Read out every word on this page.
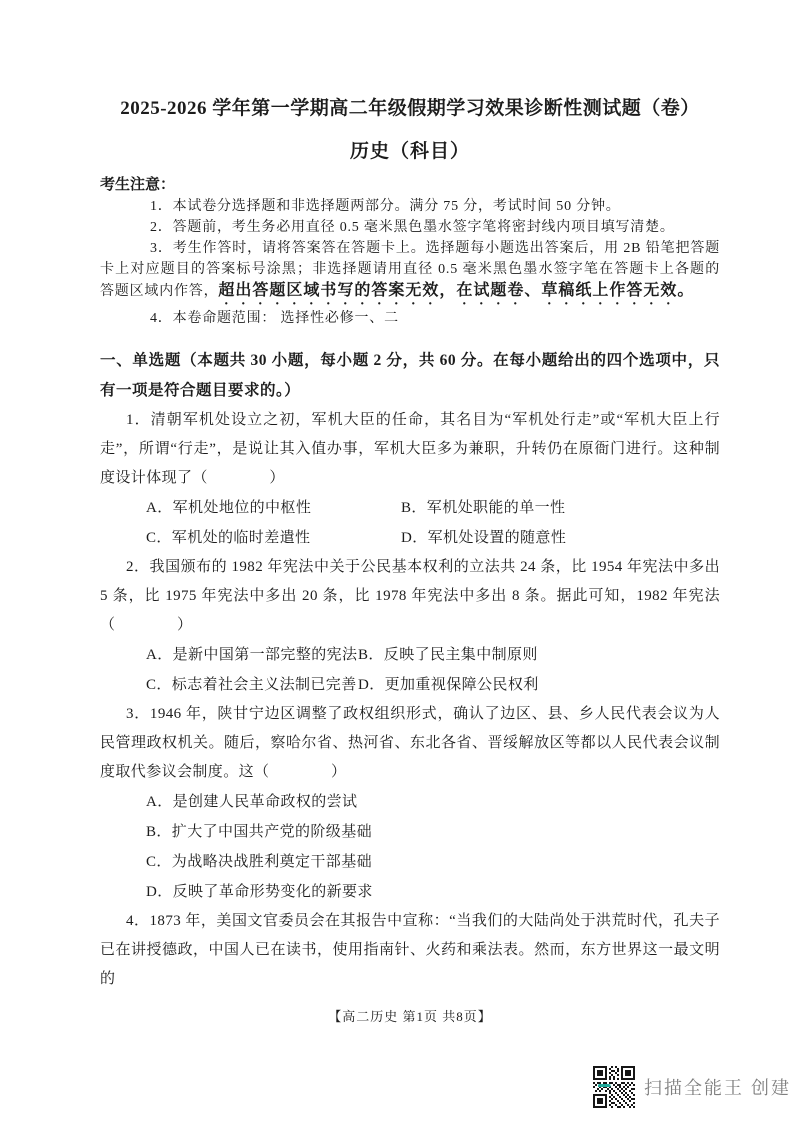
2025-2026 学年第一学期高二年级假期学习效果诊断性测试题（卷）
历史（科目）
考生注意：

1．本试卷分选择题和非选择题两部分。满分 75 分，考试时间 50 分钟。

2．答题前，考生务必用直径 0.5 毫米黑色墨水签字笔将密封线内项目填写清楚。

3．考生作答时，请将答案答在答题卡上。选择题每小题选出答案后，用 2B 铅笔把答题卡上对应题目的答案标号涂黑；非选择题请用直径 0.5 毫米黑色墨水签字笔在答题卡上各题的答题区域内作答，超出答题区域书写的答案无效，在试题卷、草稿纸上作答无效。

4．本卷命题范围： 选择性必修一、二

一、单选题（本题共 30 小题，每小题 2 分，共 60 分。在每小题给出的四个选项中，只有一项是符合题目要求的。）

1．清朝军机处设立之初，军机大臣的任命，其名目为“军机处行走”或“军机大臣上行走”，所谓“行走”，是说让其入值办事，军机大臣多为兼职，升转仍在原衙门进行。这种制度设计体现了（　　　　）

A．军机处地位的中枢性	B．军机处职能的单一性
C．军机处的临时差遣性	D．军机处设置的随意性

2．我国颁布的 1982 年宪法中关于公民基本权利的立法共 24 条，比 1954 年宪法中多出 5 条，比 1975 年宪法中多出 20 条，比 1978 年宪法中多出 8 条。据此可知，1982 年宪法（　　　　）

A．是新中国第一部完整的宪法 B．反映了民主集中制原则
C．标志着社会主义法制已完善 D．更加重视保障公民权利

3．1946 年，陕甘宁边区调整了政权组织形式，确认了边区、县、乡人民代表会议为人民管理政权机关。随后，察哈尔省、热河省、东北各省、晋绥解放区等都以人民代表会议制度取代参议会制度。这（　　　　）

A．是创建人民革命政权的尝试
B．扩大了中国共产党的阶级基础
C．为战略决战胜利奠定干部基础
D．反映了革命形势变化的新要求

4．1873 年，美国文官委员会在其报告中宣称：“当我们的大陆尚处于洪荒时代，孔夫子已在讲授德政，中国人已在读书，使用指南针、火药和乘法表。然而，东方世界这一最文明的

【高二历史 第1页 共8页】
扫描全能王 创建
